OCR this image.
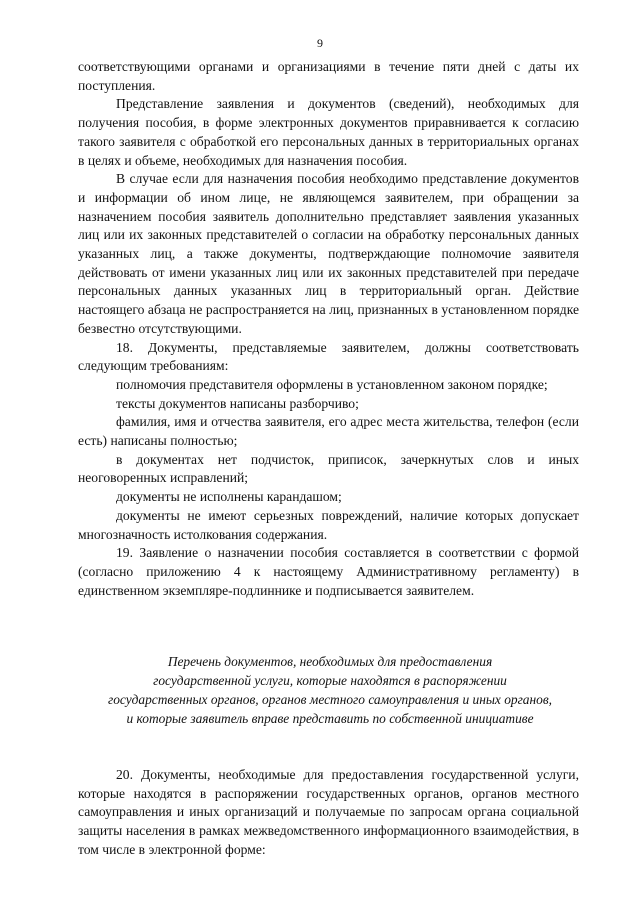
9

соответствующими органами и организациями в течение пяти дней с даты их поступления.

Представление заявления и документов (сведений), необходимых для получения пособия, в форме электронных документов приравнивается к согласию такого заявителя с обработкой его персональных данных в территориальных органах в целях и объеме, необходимых для назначения пособия.

В случае если для назначения пособия необходимо представление документов и информации об ином лице, не являющемся заявителем, при обращении за назначением пособия заявитель дополнительно представляет заявления указанных лиц или их законных представителей о согласии на обработку персональных данных указанных лиц, а также документы, подтверждающие полномочие заявителя действовать от имени указанных лиц или их законных представителей при передаче персональных данных указанных лиц в территориальный орган. Действие настоящего абзаца не распространяется на лиц, признанных в установленном порядке безвестно отсутствующими.

18. Документы, представляемые заявителем, должны соответствовать следующим требованиям:

полномочия представителя оформлены в установленном законом порядке;

тексты документов написаны разборчиво;

фамилия, имя и отчества заявителя, его адрес места жительства, телефон (если есть) написаны полностью;

в документах нет подчисток, приписок, зачеркнутых слов и иных неоговоренных исправлений;

документы не исполнены карандашом;

документы не имеют серьезных повреждений, наличие которых допускает многозначность истолкования содержания.

19. Заявление о назначении пособия составляется в соответствии с формой (согласно приложению 4 к настоящему Административному регламенту) в единственном экземпляре-подлиннике и подписывается заявителем.

Перечень документов, необходимых для предоставления
государственной услуги, которые находятся в распоряжении
государственных органов, органов местного самоуправления и иных органов,
и которые заявитель вправе представить по собственной инициативе

20. Документы, необходимые для предоставления государственной услуги, которые находятся в распоряжении государственных органов, органов местного самоуправления и иных организаций и получаемые по запросам органа социальной защиты населения в рамках межведомственного информационного взаимодействия, в том числе в электронной форме:
